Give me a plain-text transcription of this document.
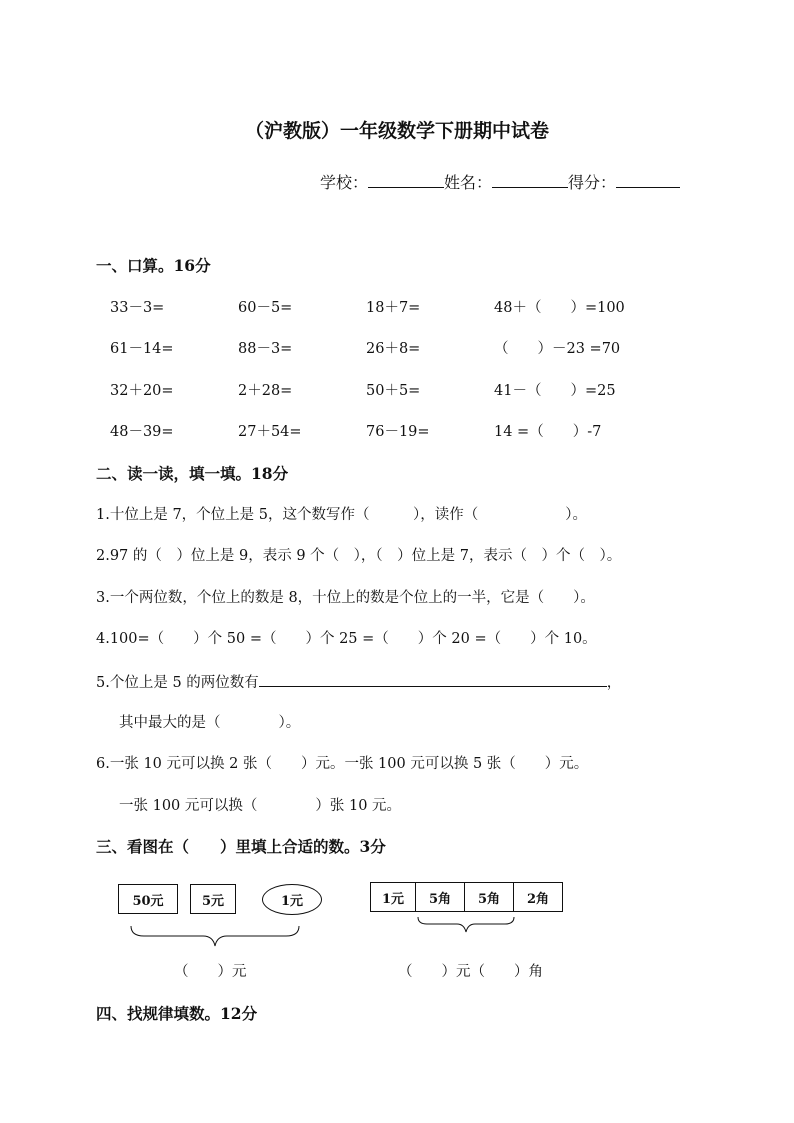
（沪教版）一年级数学下册期中试卷
学校：	姓名：	得分：
一、口算。16分
33－3=	60－5=	18＋7=	48＋（　　）=100
61－14=	88－3=	26＋8=	（　　）－23 =70
32＋20=	2＋28=	50＋5=	41－（　　）=25
48－39=	27＋54=	76－19=	14 =（　　）-7
二、读一读，填一填。18分
1.十位上是 7，个位上是 5，这个数写作（　　　），读作（　　　　　　）。
2.97 的（　）位上是 9，表示 9 个（　），（　）位上是 7，表示（　）个（　）。
3.一个两位数，个位上的数是 8，十位上的数是个位上的一半，它是（　　）。
4.100=（　　）个 50 =（　　）个 25 =（　　）个 20 =（　　）个 10。
5.个位上是 5 的两位数有	，
其中最大的是（　　　　）。
6.一张 10 元可以换 2 张（　　）元。一张 100 元可以换 5 张（　　）元。
一张 100 元可以换（　　　　）张 10 元。
三、看图在（　　）里填上合适的数。3分
50元	5元	1元
（　　）元
1元	5角	5角	2角
（　　）元（　　）角
四、找规律填数。12分
